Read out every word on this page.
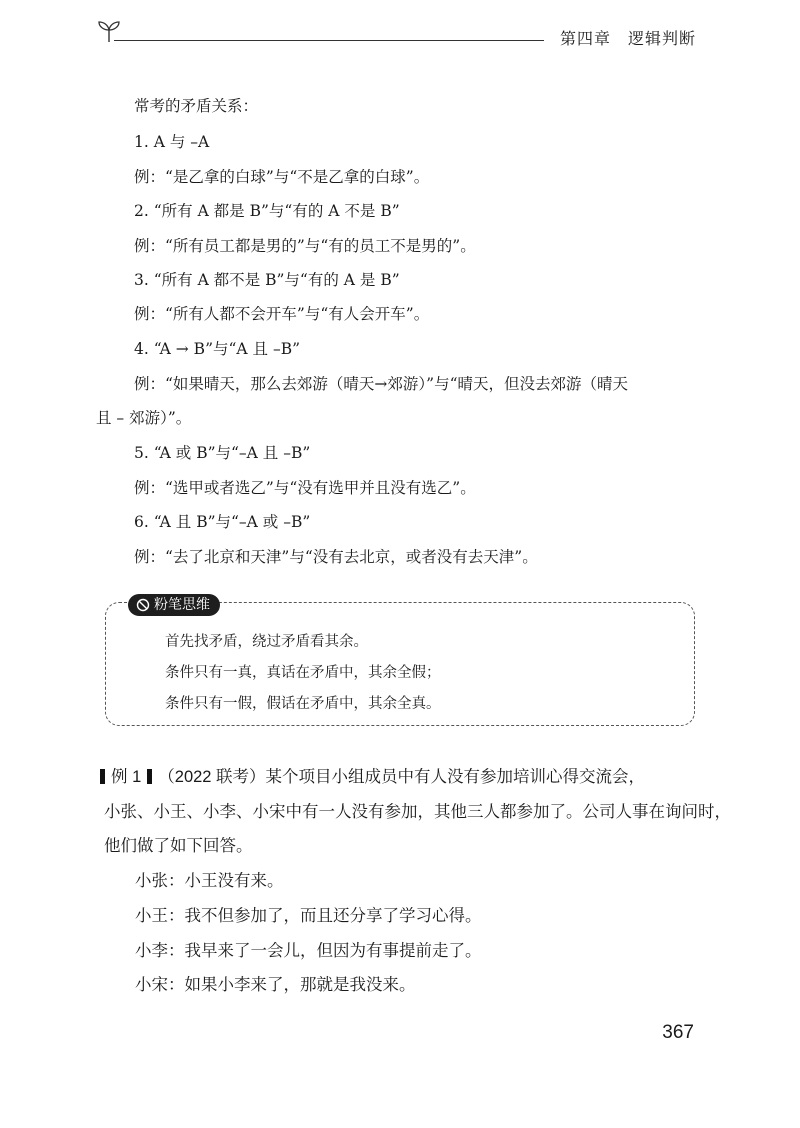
第四章　逻辑判断
常考的矛盾关系：
1. A 与 –A
例：“是乙拿的白球”与“不是乙拿的白球”。
2. “所有 A 都是 B”与“有的 A 不是 B”
例：“所有员工都是男的”与“有的员工不是男的”。
3. “所有 A 都不是 B”与“有的 A 是 B”
例：“所有人都不会开车”与“有人会开车”。
4. “A → B”与“A 且 –B”
例：“如果晴天，那么去郊游（晴天→郊游）”与“晴天，但没去郊游（晴天
且 – 郊游）”。
5. “A 或 B”与“–A 且 –B”
例：“选甲或者选乙”与“没有选甲并且没有选乙”。
6. “A 且 B”与“–A 或 –B”
例：“去了北京和天津”与“没有去北京，或者没有去天津”。
粉笔思维
首先找矛盾，绕过矛盾看其余。
条件只有一真，真话在矛盾中，其余全假；
条件只有一假，假话在矛盾中，其余全真。
例 1 （2022 联考）某个项目小组成员中有人没有参加培训心得交流会，
小张、小王、小李、小宋中有一人没有参加，其他三人都参加了。公司人事在询问时，
他们做了如下回答。
小张：小王没有来。
小王：我不但参加了，而且还分享了学习心得。
小李：我早来了一会儿，但因为有事提前走了。
小宋：如果小李来了，那就是我没来。
367
